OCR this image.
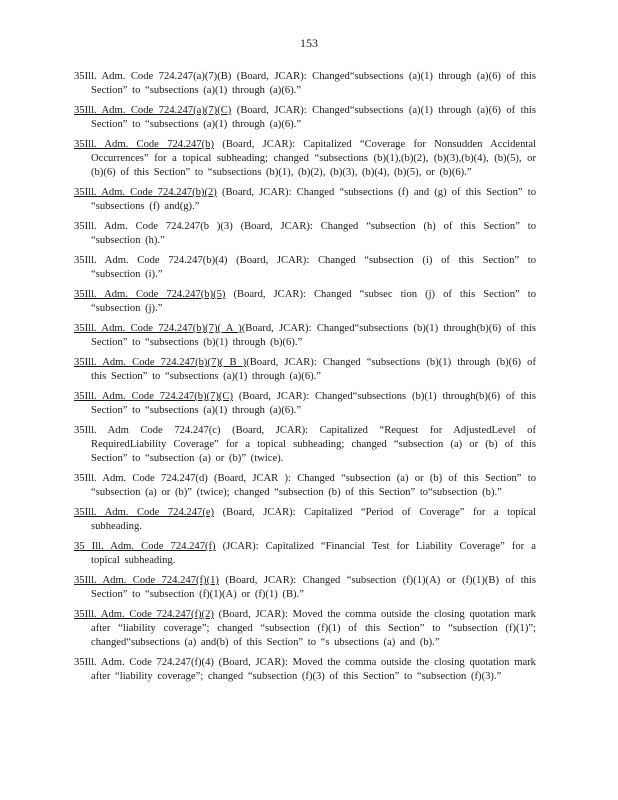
153

35Ill. Adm. Code 724.247(a)(7)(B) (Board, JCAR): Changed“subsections (a)(1) through (a)(6) of this Section” to “subsections (a)(1) through (a)(6).”

35Ill. Adm. Code 724.247(a)(7)(C) (Board, JCAR): Changed“subsections (a)(1) through (a)(6) of this Section” to “subsections (a)(1) through (a)(6).”

35Ill. Adm. Code 724.247(b) (Board, JCAR): Capitalized “Coverage for Nonsudden Accidental Occurrences” for a topical subheading; changed “subsections (b)(1),(b)(2), (b)(3),(b)(4), (b)(5), or (b)(6) of this Section” to “subsections (b)(1), (b)(2), (b)(3), (b)(4), (b)(5), or (b)(6).”

35Ill. Adm. Code 724.247(b)(2) (Board, JCAR): Changed “subsections (f) and (g) of this Section” to “subsections (f) and(g).”

35Ill. Adm. Code 724.247(b )(3) (Board, JCAR): Changed “subsection (h) of this Section” to “subsection (h).”

35Ill. Adm. Code 724.247(b)(4) (Board, JCAR): Changed “subsection (i) of this Section” to “subsection (i).”

35Ill. Adm. Code 724.247(b)(5) (Board, JCAR): Changed “subsec tion (j) of this Section” to “subsection (j).”

35Ill. Adm. Code 724.247(b)(7)( A )(Board, JCAR): Changed“subsections (b)(1) through(b)(6) of this Section” to “subsections (b)(1) through (b)(6).”

35Ill. Adm. Code 724.247(b)(7)( B )(Board, JCAR): Changed “subsections (b)(1) through (b)(6) of this Section” to “subsections (a)(1) through (a)(6).”

35Ill. Adm. Code 724.247(b)(7)(C) (Board, JCAR): Changed“subsections (b)(1) through(b)(6) of this Section” to “subsections (a)(1) through (a)(6).”

35Ill. Adm Code 724.247(c) (Board, JCAR): Capitalized “Request for AdjustedLevel of RequiredLiability Coverage” for a topical subheading; changed “subsection (a) or (b) of this Section” to “subsection (a) or (b)” (twice).

35Ill. Adm. Code 724.247(d) (Board, JCAR ): Changed “subsection (a) or (b) of this Section” to “subsection (a) or (b)” (twice); changed “subsection (b) of this Section” to“subsection (b).”

35Ill. Adm. Code 724.247(e) (Board, JCAR): Capitalized “Period of Coverage” for a topical subheading.

35 Ill. Adm. Code 724.247(f) (JCAR): Capitalized “Financial Test for Liability Coverage” for a topical subheading.

35Ill. Adm. Code 724.247(f)(1) (Board, JCAR): Changed “subsection (f)(1)(A) or (f)(1)(B) of this Section” to “subsection (f)(1)(A) or (f)(1) (B).”

35Ill. Adm. Code 724.247(f)(2) (Board, JCAR): Moved the comma outside the closing quotation mark after “liability coverage”; changed “subsection (f)(1) of this Section” to “subsection (f)(1)”; changed“subsections (a) and(b) of this Section” to “s ubsections (a) and (b).”

35Ill. Adm. Code 724.247(f)(4) (Board, JCAR): Moved the comma outside the closing quotation mark after “liability coverage”; changed “subsection (f)(3) of this Section” to “subsection (f)(3).”
